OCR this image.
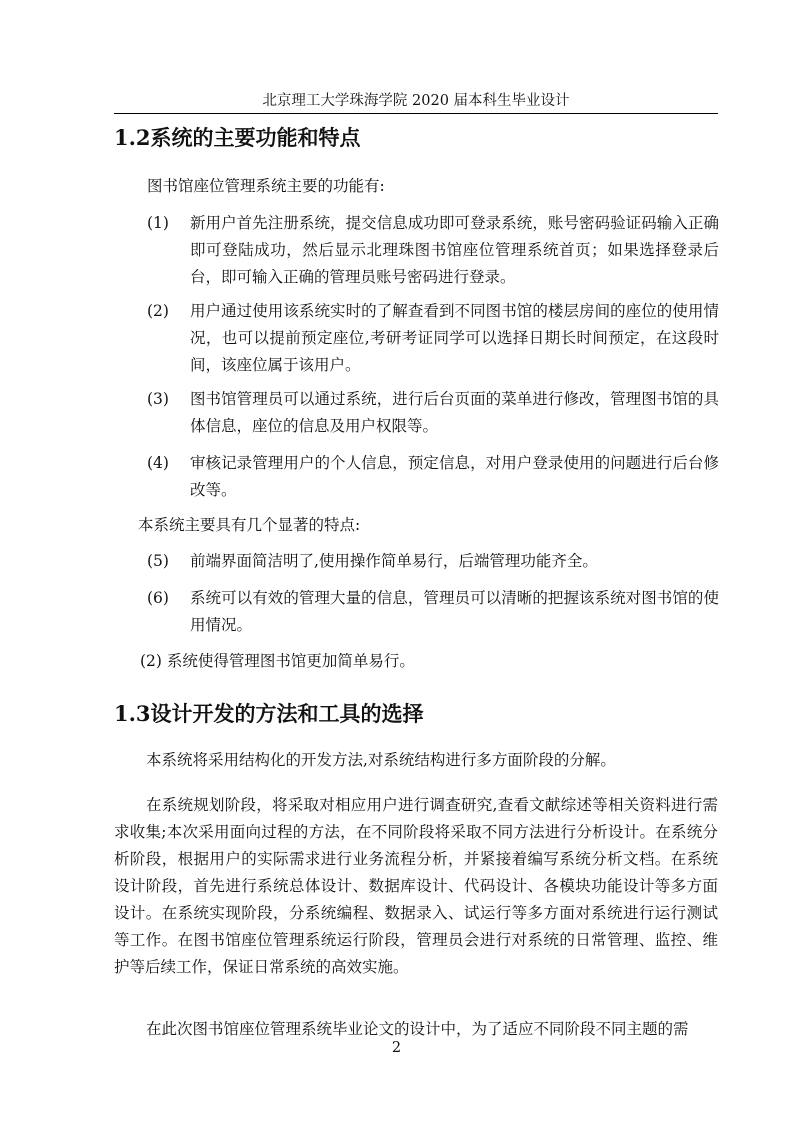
北京理工大学珠海学院 2020 届本科生毕业设计
1.2系统的主要功能和特点
图书馆座位管理系统主要的功能有:
(1)	新用户首先注册系统，提交信息成功即可登录系统，账号密码验证码输入正确即可登陆成功，然后显示北理珠图书馆座位管理系统首页；如果选择登录后台，即可输入正确的管理员账号密码进行登录。
(2)	用户通过使用该系统实时的了解查看到不同图书馆的楼层房间的座位的使用情况，也可以提前预定座位,考研考证同学可以选择日期长时间预定，在这段时间，该座位属于该用户。
(3)	图书馆管理员可以通过系统，进行后台页面的菜单进行修改，管理图书馆的具体信息，座位的信息及用户权限等。
(4)	审核记录管理用户的个人信息，预定信息，对用户登录使用的问题进行后台修改等。
本系统主要具有几个显著的特点:
(5)	前端界面简洁明了,使用操作简单易行，后端管理功能齐全。
(6)	系统可以有效的管理大量的信息，管理员可以清晰的把握该系统对图书馆的使用情况。
(2) 系统使得管理图书馆更加简单易行。
1.3设计开发的方法和工具的选择
本系统将采用结构化的开发方法,对系统结构进行多方面阶段的分解。
在系统规划阶段，将采取对相应用户进行调查研究,查看文献综述等相关资料进行需求收集;本次采用面向过程的方法，在不同阶段将采取不同方法进行分析设计。在系统分析阶段，根据用户的实际需求进行业务流程分析，并紧接着编写系统分析文档。在系统设计阶段，首先进行系统总体设计、数据库设计、代码设计、各模块功能设计等多方面设计。在系统实现阶段，分系统编程、数据录入、试运行等多方面对系统进行运行测试等工作。在图书馆座位管理系统运行阶段，管理员会进行对系统的日常管理、监控、维护等后续工作，保证日常系统的高效实施。
在此次图书馆座位管理系统毕业论文的设计中，为了适应不同阶段不同主题的需
2
